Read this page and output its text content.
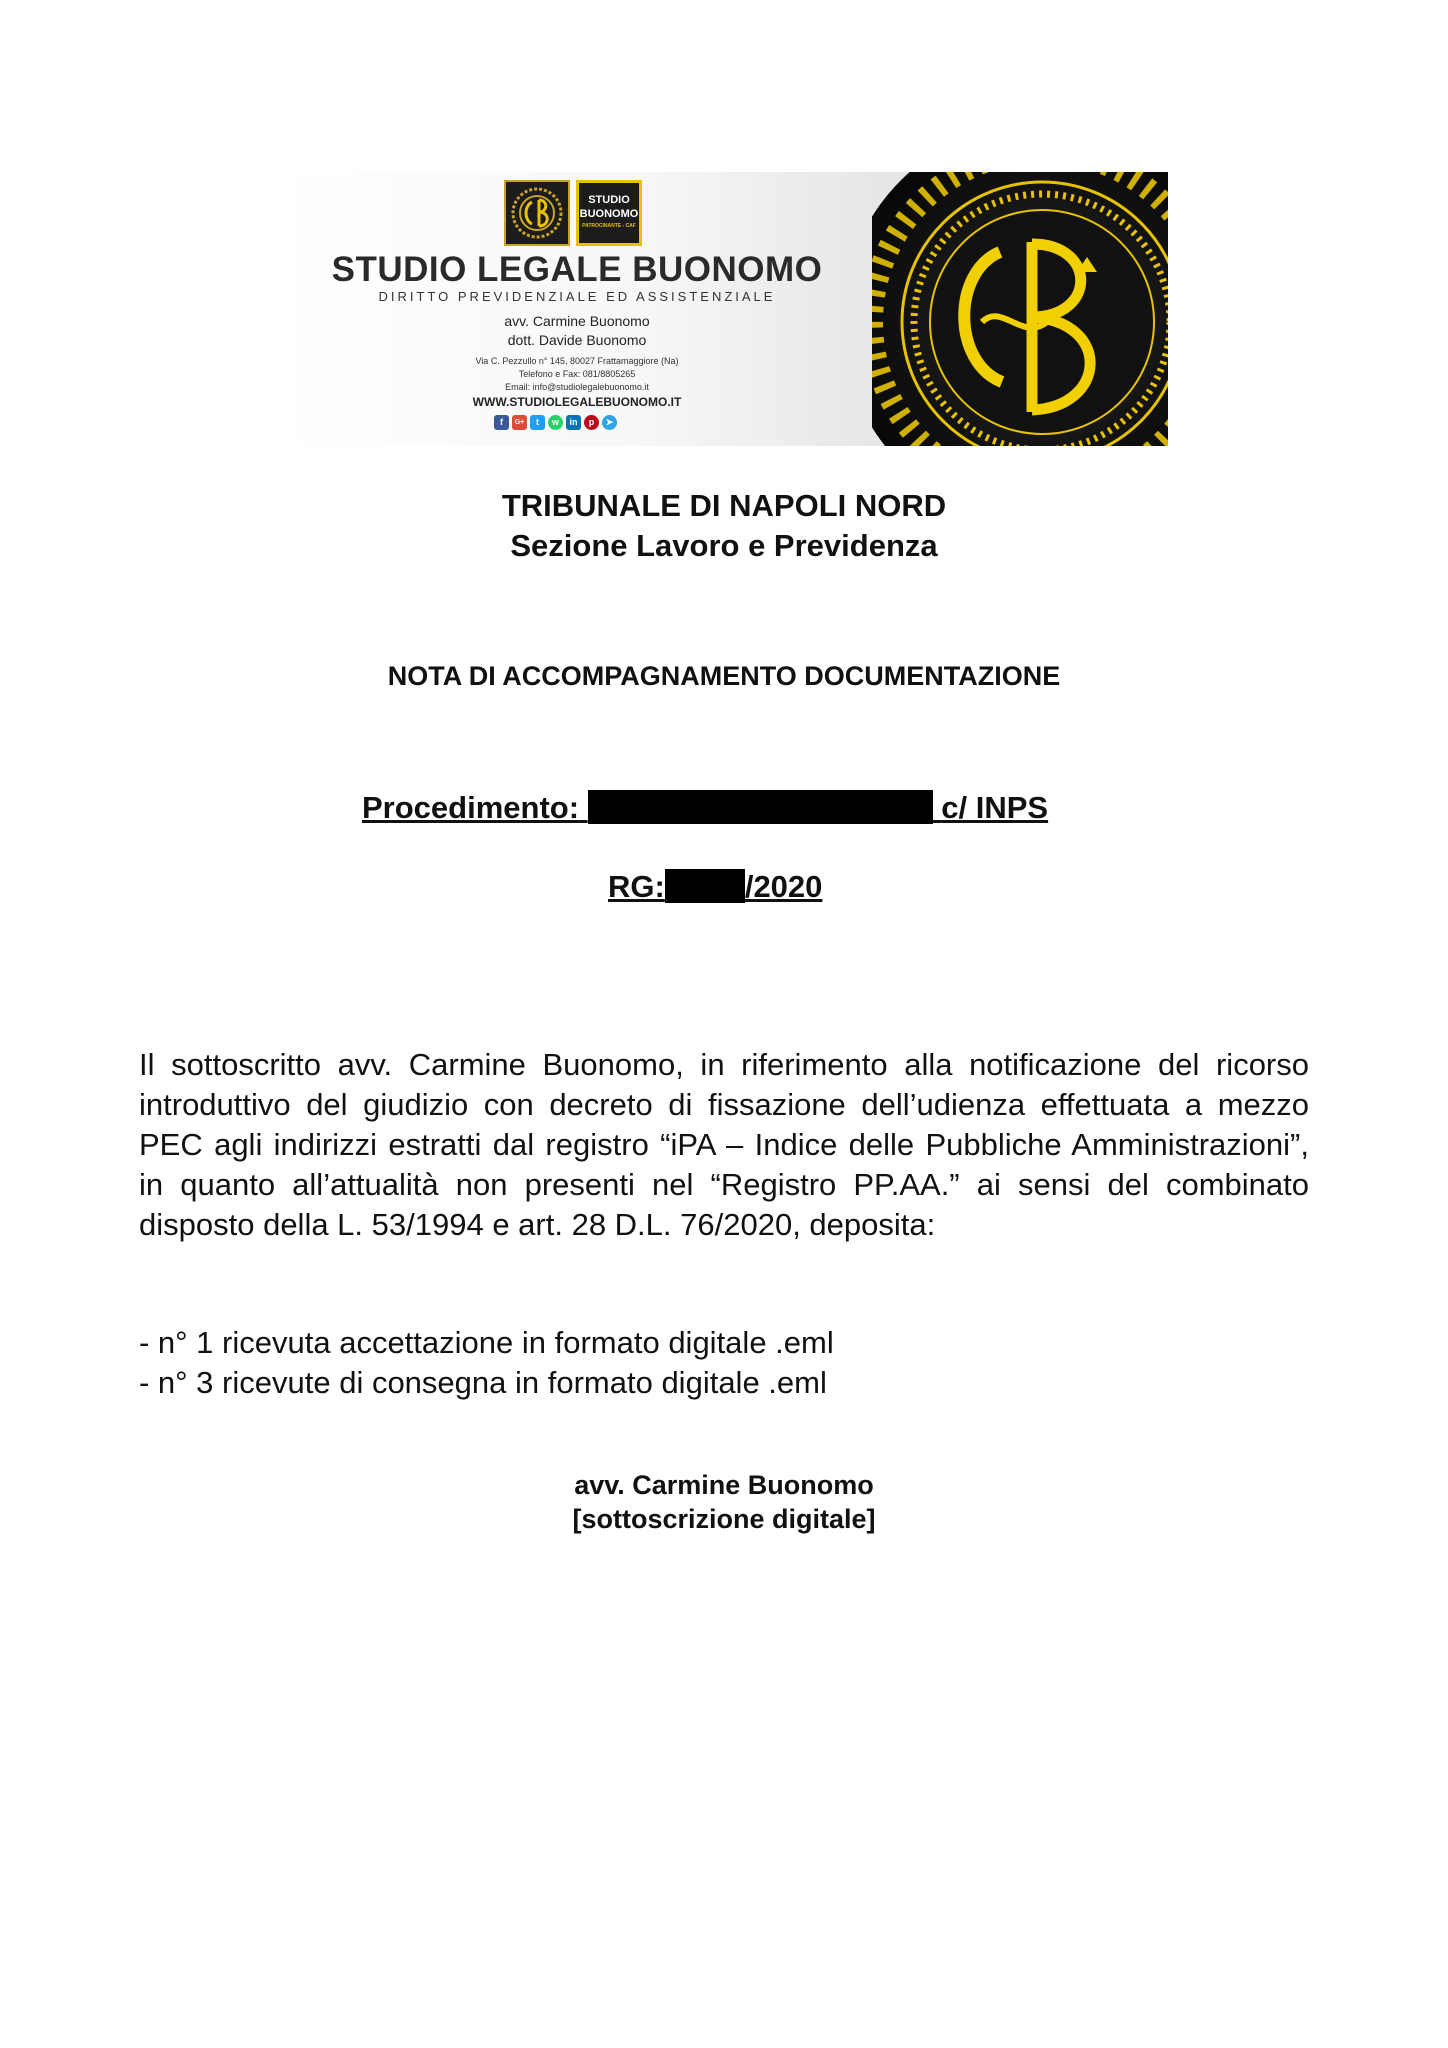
STUDIO
BUONOMO
PATROCINANTE - CAF
STUDIO LEGALE BUONOMO
DIRITTO PREVIDENZIALE ED ASSISTENZIALE
avv. Carmine Buonomo
dott. Davide Buonomo
Via C. Pezzullo n° 145, 80027 Frattamaggiore (Na)
Telefono e Fax: 081/8805265
Email: info@studiolegalebuonomo.it
WWW.STUDIOLEGALEBUONOMO.IT
f G+ t w in p ➤
TRIBUNALE DI NAPOLI NORD
Sezione Lavoro e Previdenza
NOTA DI ACCOMPAGNAMENTO DOCUMENTAZIONE
Procedimento:	c/ INPS
RG:	/2020
Il sottoscritto avv. Carmine Buonomo, in riferimento alla notificazione del ricorso introduttivo del giudizio con decreto di fissazione dell’udienza effettuata a mezzo PEC agli indirizzi estratti dal registro “iPA – Indice delle Pubbliche Amministrazioni”, in quanto all’attualità non presenti nel “Registro PP.AA.” ai sensi del combinato disposto della L. 53/1994 e art. 28 D.L. 76/2020, deposita:
- n° 1 ricevuta accettazione in formato digitale .eml
- n° 3 ricevute di consegna in formato digitale .eml
avv. Carmine Buonomo
[sottoscrizione digitale]
